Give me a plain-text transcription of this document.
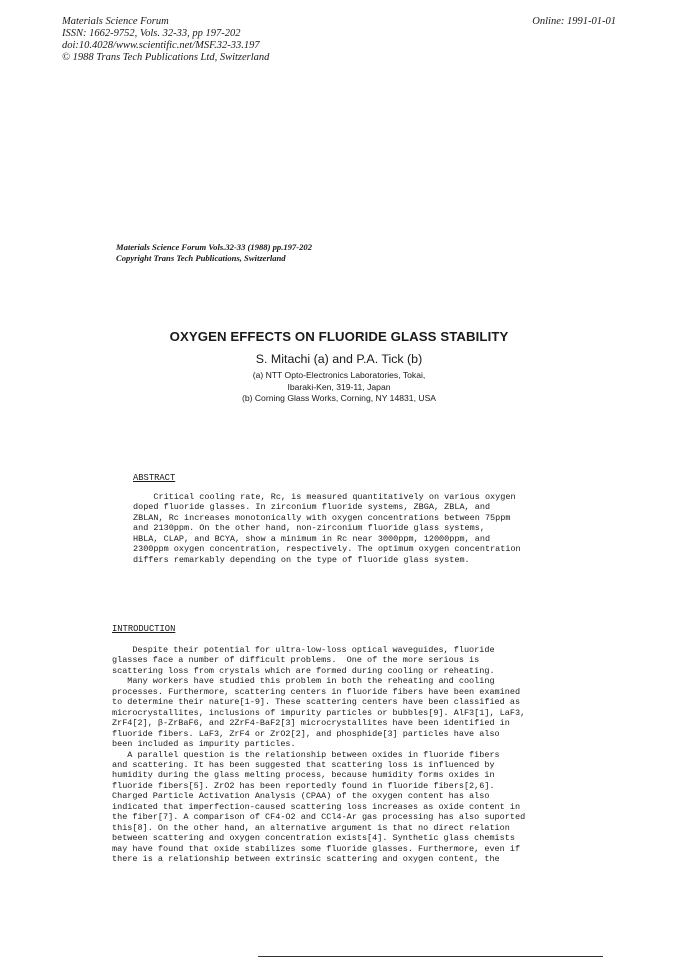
Materials Science Forum
ISSN: 1662-9752, Vols. 32-33, pp 197-202
doi:10.4028/www.scientific.net/MSF.32-33.197
© 1988 Trans Tech Publications Ltd, Switzerland
Online: 1991-01-01
Materials Science Forum Vols.32-33 (1988) pp.197-202
Copyright Trans Tech Publications, Switzerland
OXYGEN EFFECTS ON FLUORIDE GLASS STABILITY
S. Mitachi (a) and P.A. Tick (b)
(a) NTT Opto-Electronics Laboratories, Tokai,
Ibaraki-Ken, 319-11, Japan
(b) Corning Glass Works, Corning, NY 14831, USA
ABSTRACT
Critical cooling rate, Rc, is measured quantitatively on various oxygen
doped fluoride glasses. In zirconium fluoride systems, ZBGA, ZBLA, and
ZBLAN, Rc increases monotonically with oxygen concentrations between 75ppm
and 2130ppm. On the other hand, non-zirconium fluoride glass systems,
HBLA, CLAP, and BCYA, show a minimum in Rc near 3000ppm, 12000ppm, and
2300ppm oxygen concentration, respectively. The optimum oxygen concentration
differs remarkably depending on the type of fluoride glass system.
INTRODUCTION
Despite their potential for ultra-low-loss optical waveguides, fluoride
glasses face a number of difficult problems.  One of the more serious is
scattering loss from crystals which are formed during cooling or reheating.
Many workers have studied this problem in both the reheating and cooling
processes. Furthermore, scattering centers in fluoride fibers have been examined
to determine their nature[1-9]. These scattering centers have been classified as
microcrystallites, inclusions of impurity particles or bubbles[9]. AlF3[1], LaF3,
ZrF4[2], β-ZrBaF6, and 2ZrF4-BaF2[3] microcrystallites have been identified in
fluoride fibers. LaF3, ZrF4 or ZrO2[2], and phosphide[3] particles have also
been included as impurity particles.
A parallel question is the relationship between oxides in fluoride fibers
and scattering. It has been suggested that scattering loss is influenced by
humidity during the glass melting process, because humidity forms oxides in
fluoride fibers[5]. ZrO2 has been reportedly found in fluoride fibers[2,6].
Charged Particle Activation Analysis (CPAA) of the oxygen content has also
indicated that imperfection-caused scattering loss increases as oxide content in
the fiber[7]. A comparison of CF4-O2 and CCl4-Ar gas processing has also suported
this[8]. On the other hand, an alternative argument is that no direct relation
between scattering and oxygen concentration exists[4]. Synthetic glass chemists
may have found that oxide stabilizes some fluoride glasses. Furthermore, even if
there is a relationship between extrinsic scattering and oxygen content, the
